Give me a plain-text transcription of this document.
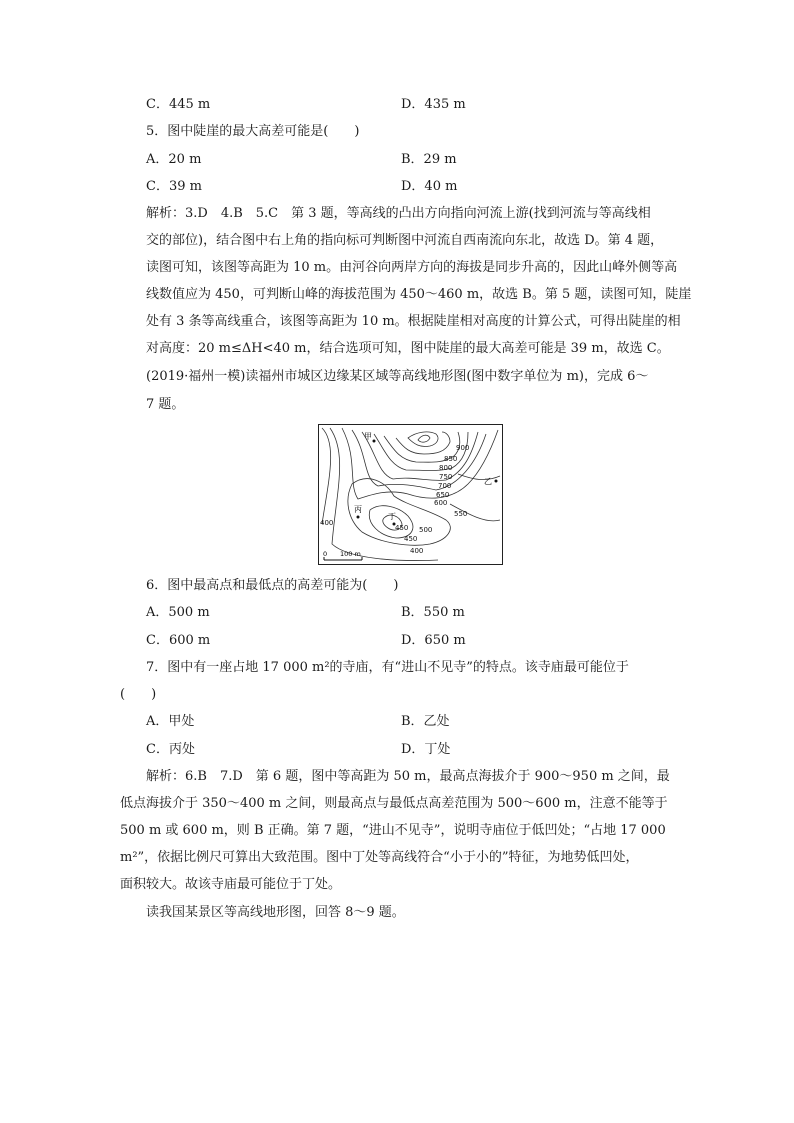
C．445 m	D．435 m
5．图中陡崖的最大高差可能是(　　)
A．20 m	B．29 m
C．39 m	D．40 m
解析：3.D　4.B　5.C　第 3 题，等高线的凸出方向指向河流上游(找到河流与等高线相
交的部位)，结合图中右上角的指向标可判断图中河流自西南流向东北，故选 D。第 4 题，
读图可知，该图等高距为 10 m。由河谷向两岸方向的海拔是同步升高的，因此山峰外侧等高
线数值应为 450，可判断山峰的海拔范围为 450～460 m，故选 B。第 5 题，读图可知，陡崖
处有 3 条等高线重合，该图等高距为 10 m。根据陡崖相对高度的计算公式，可得出陡崖的相
对高度：20 m≤ΔH<40 m，结合选项可知，图中陡崖的最大高差可能是 39 m，故选 C。
(2019·福州一模)读福州市城区边缘某区域等高线地形图(图中数字单位为 m)，完成 6～
7 题。
甲
乙
丙
丁
900
850
800
750
700
650
600
550
500
450
450
400
400
0 100 m
6．图中最高点和最低点的高差可能为(　　)
A．500 m	B．550 m
C．600 m	D．650 m
7．图中有一座占地 17 000 m²的寺庙，有“进山不见寺”的特点。该寺庙最可能位于
(　　)
A．甲处	B．乙处
C．丙处	D．丁处
解析：6.B　7.D　第 6 题，图中等高距为 50 m，最高点海拔介于 900～950 m 之间，最
低点海拔介于 350～400 m 之间，则最高点与最低点高差范围为 500～600 m，注意不能等于
500 m 或 600 m，则 B 正确。第 7 题，“进山不见寺”，说明寺庙位于低凹处；“占地 17 000
m²”，依据比例尺可算出大致范围。图中丁处等高线符合“小于小的”特征，为地势低凹处，
面积较大。故该寺庙最可能位于丁处。
读我国某景区等高线地形图，回答 8～9 题。
